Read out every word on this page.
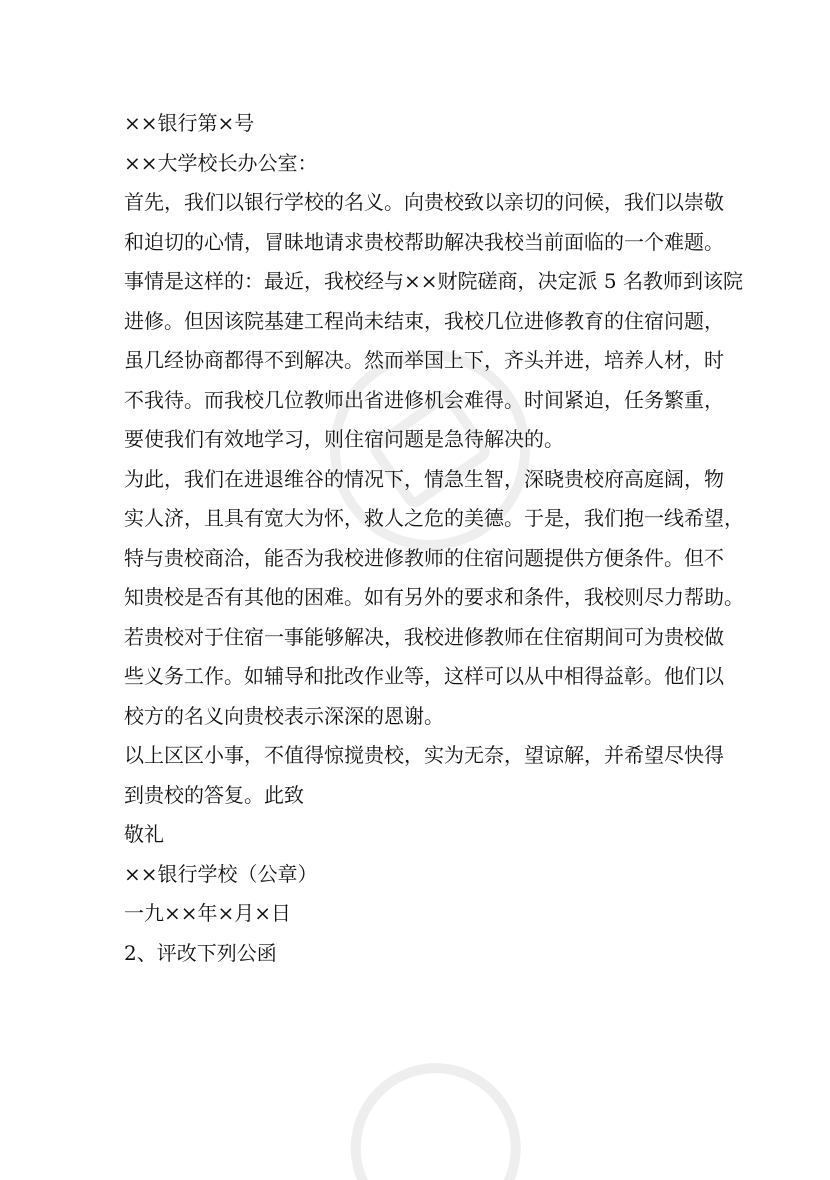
××银行第×号
××大学校长办公室：
首先，我们以银行学校的名义。向贵校致以亲切的问候，我们以崇敬
和迫切的心情，冒昧地请求贵校帮助解决我校当前面临的一个难题。
事情是这样的：最近，我校经与××财院磋商，决定派 5 名教师到该院
进修。但因该院基建工程尚未结束，我校几位进修教育的住宿问题，
虽几经协商都得不到解决。然而举国上下，齐头并进，培养人材，时
不我待。而我校几位教师出省进修机会难得。时间紧迫，任务繁重，
要使我们有效地学习，则住宿问题是急待解决的。
为此，我们在进退维谷的情况下，情急生智，深晓贵校府高庭阔，物
实人济，且具有宽大为怀，救人之危的美德。于是，我们抱一线希望，
特与贵校商洽，能否为我校进修教师的住宿问题提供方便条件。但不
知贵校是否有其他的困难。如有另外的要求和条件，我校则尽力帮助。
若贵校对于住宿一事能够解决，我校进修教师在住宿期间可为贵校做
些义务工作。如辅导和批改作业等，这样可以从中相得益彰。他们以
校方的名义向贵校表示深深的恩谢。
以上区区小事，不值得惊搅贵校，实为无奈，望谅解，并希望尽快得
到贵校的答复。此致
敬礼
××银行学校（公章）
一九××年×月×日
2、评改下列公函
